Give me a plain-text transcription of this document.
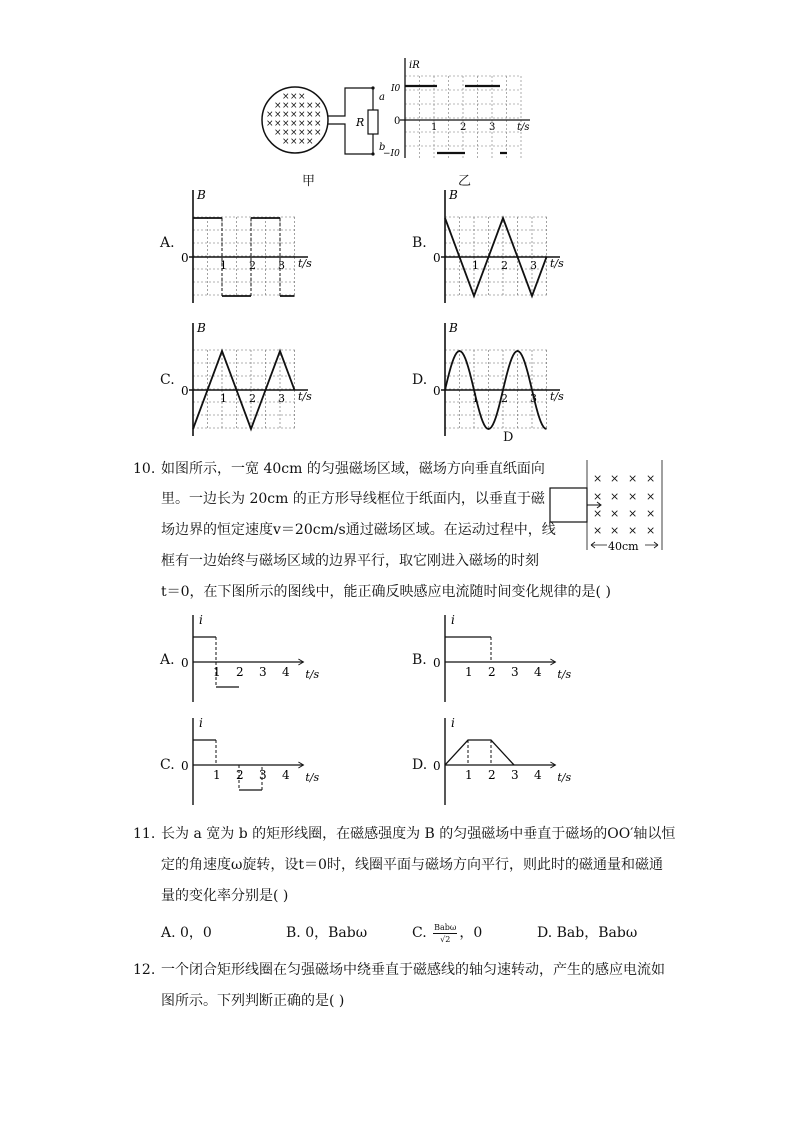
× × ×
× × × × × ×
× × × × × × ×
× × × × × × ×
× × × × × ×
× × × ×
a
b
R
iR
I0
−I0
0
1 2 3 t/s
甲	乙
A.	B.
C.	D.
B
0
1 2 3 t/s
B
0
1 2 3 t/s
B
0
1 2 3 t/s
B
0
1 2 3 t/s
D
10. 如图所示，一宽 40cm 的匀强磁场区域，磁场方向垂直纸面向
里。一边长为 20cm 的正方形导线框位于纸面内，以垂直于磁
场边界的恒定速度v＝20cm/s通过磁场区域。在运动过程中，线
框有一边始终与磁场区域的边界平行，取它刚进入磁场的时刻
t＝0，在下图所示的图线中，能正确反映感应电流随时间变化规律的是( )
× × × ×
× × × ×
× × × ×
× × × ×
40cm
A.	B.
C.	D.
i
0
1 2 3 4 t/s
i
0
1 2 3 4 t/s
i
0
1 2 3 4 t/s
i
0
1 2 3 4 t/s
11. 长为 a 宽为 b 的矩形线圈，在磁感强度为 B 的匀强磁场中垂直于磁场的OO′轴以恒
定的角速度ω旋转，设t＝0时，线圈平面与磁场方向平行，则此时的磁通量和磁通
量的变化率分别是( )
A. 0，0	B. 0，Babω	C. Babω
√2 ，0	D. Bab，Babω
12. 一个闭合矩形线圈在匀强磁场中绕垂直于磁感线的轴匀速转动，产生的感应电流如
图所示。下列判断正确的是( )
